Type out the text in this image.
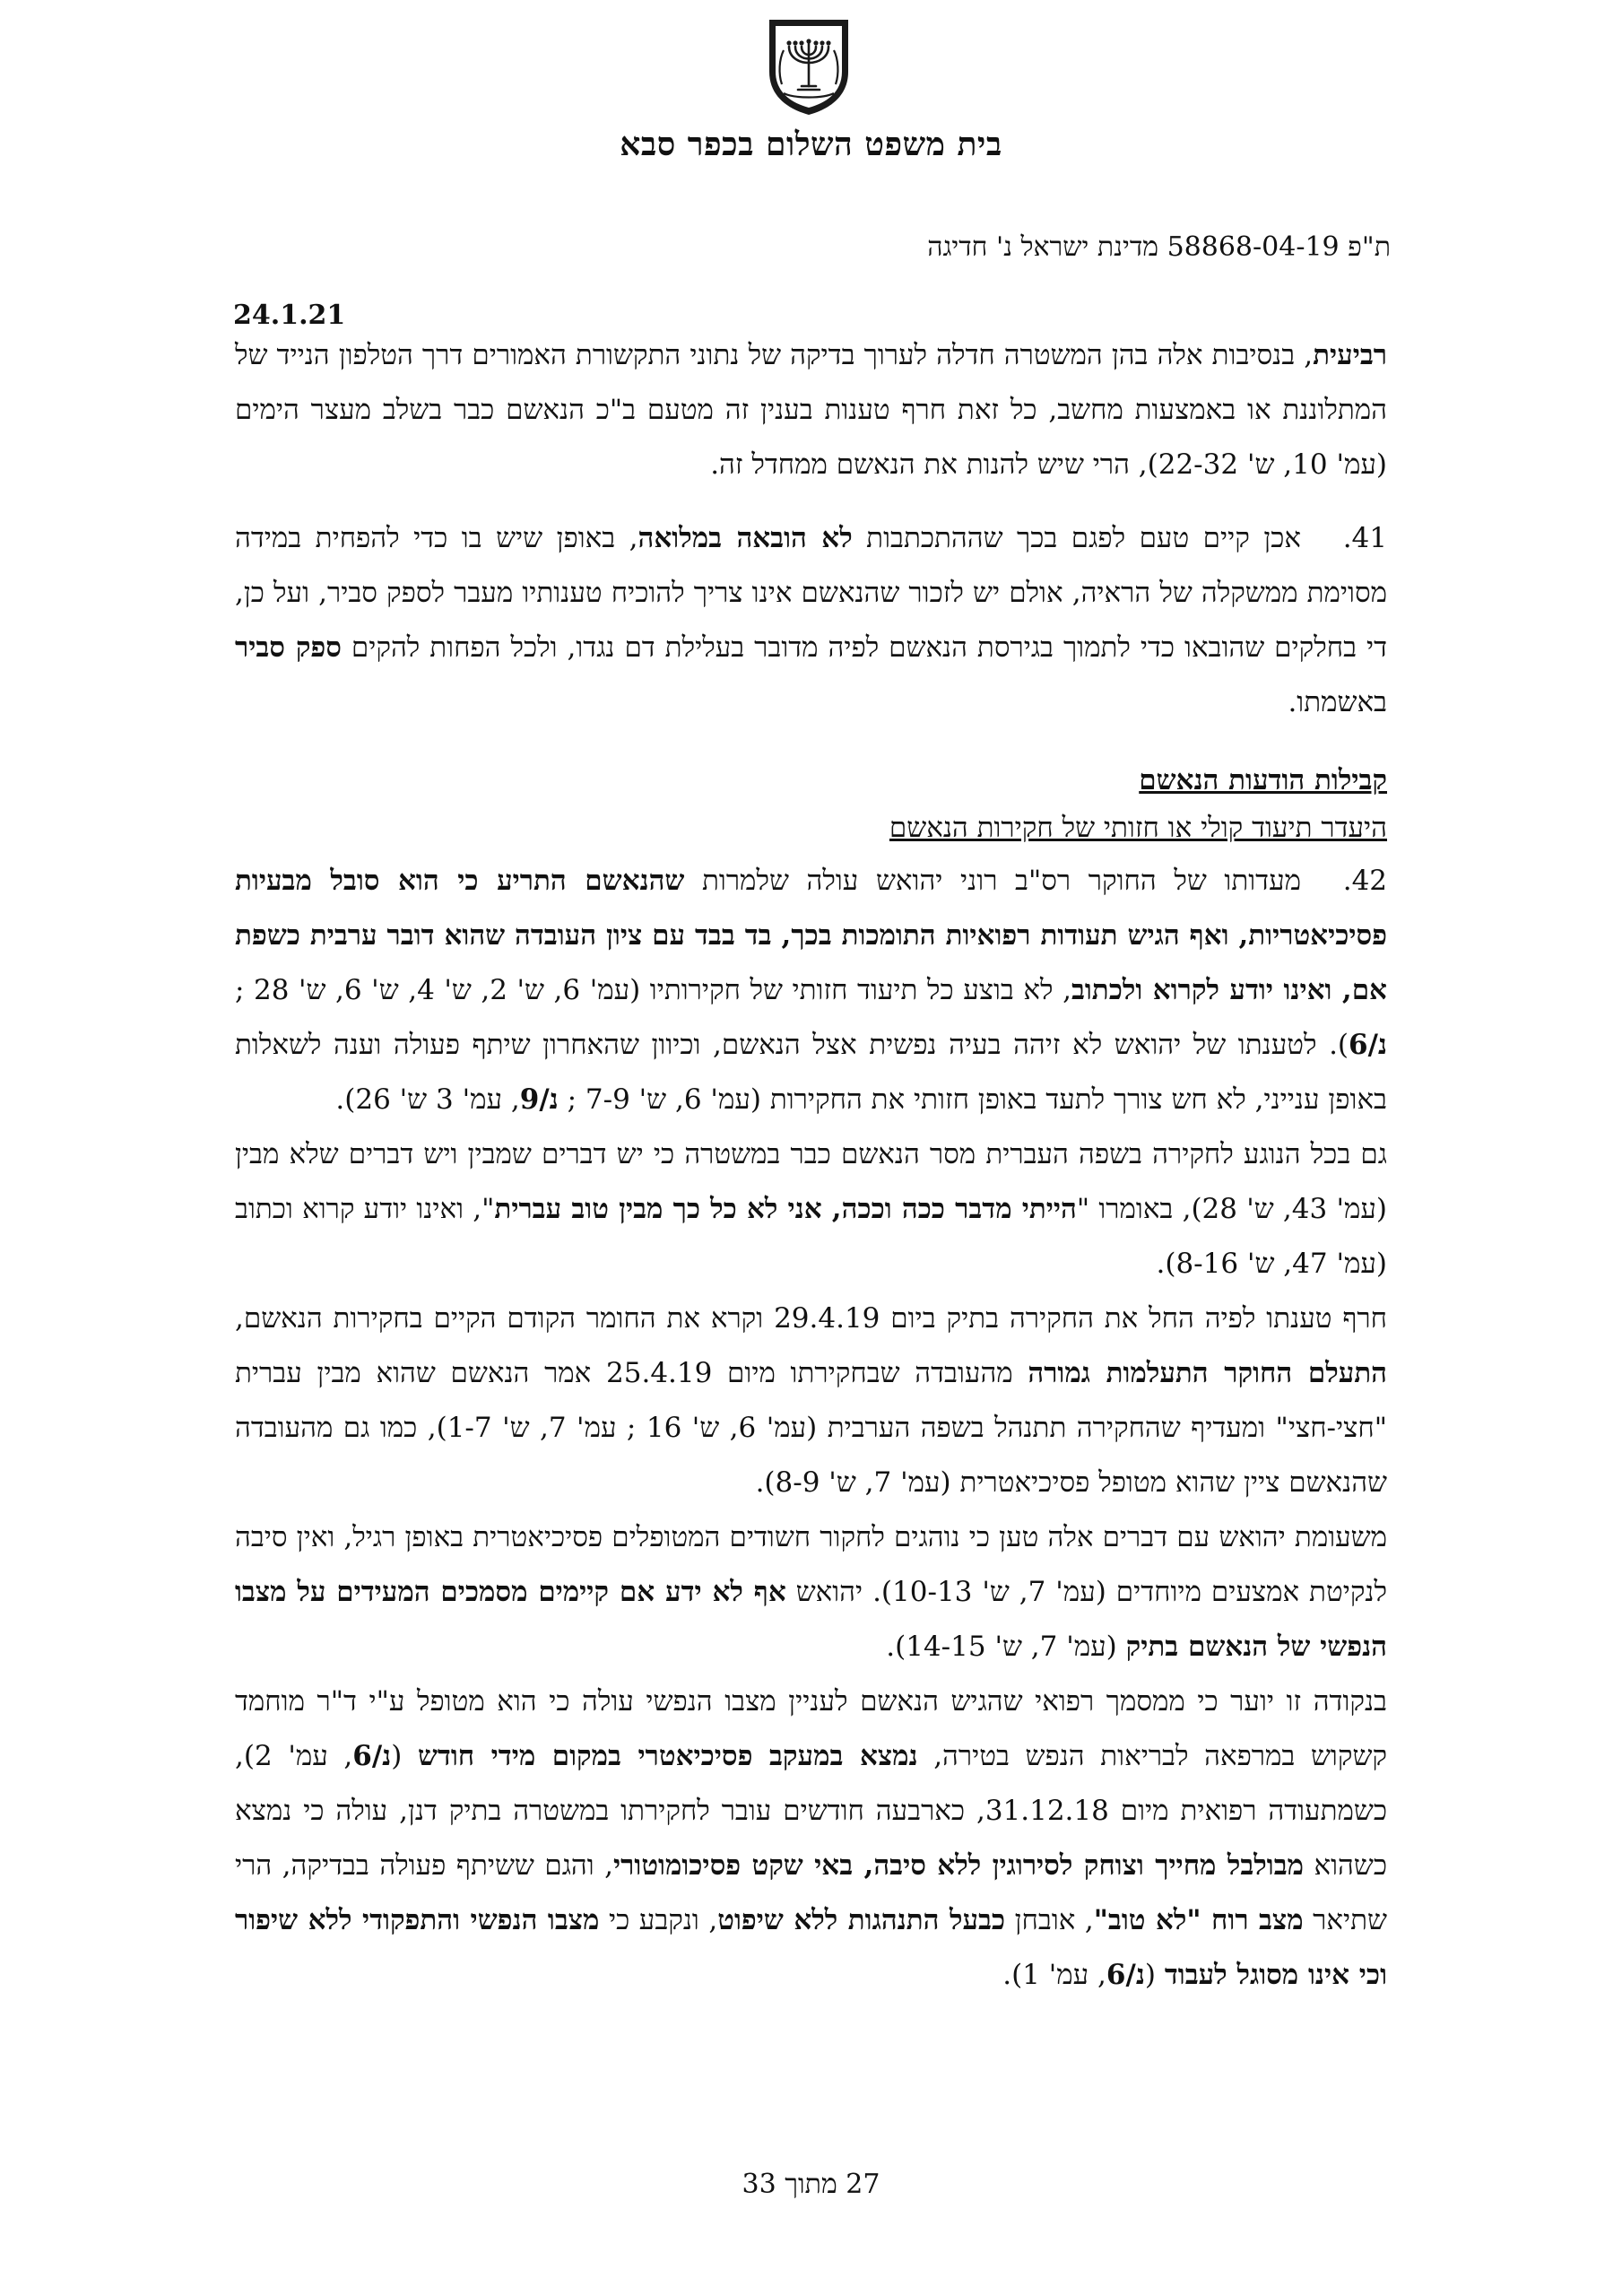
בית משפט השלום בכפר סבא
ת"פ 58868-04-19 מדינת ישראל נ' חדיגה
24.1.21

רביעית, בנסיבות אלה בהן המשטרה חדלה לערוך בדיקה של נתוני התקשורת האמורים דרך הטלפון הנייד של המתלוננת או באמצעות מחשב, כל זאת חרף טענות בענין זה מטעם ב"כ הנאשם כבר בשלב מעצר הימים (עמ' 10, ש' 22-32), הרי שיש להנות את הנאשם ממחדל זה.

41.אכן קיים טעם לפגם בכך שההתכתבות לא הובאה במלואה, באופן שיש בו כדי להפחית במידה מסוימת ממשקלה של הראיה, אולם יש לזכור שהנאשם אינו צריך להוכיח טענותיו מעבר לספק סביר, ועל כן, די בחלקים שהובאו כדי לתמוך בגירסת הנאשם לפיה מדובר בעלילת דם נגדו, ולכל הפחות להקים ספק סביר באשמתו.

קבילות הודעות הנאשם
היעדר תיעוד קולי או חזותי של חקירות הנאשם

42.מעדותו של החוקר רס"ב רוני יהואש עולה שלמרות שהנאשם התריע כי הוא סובל מבעיות פסיכיאטריות, ואף הגיש תעודות רפואיות התומכות בכך, בד בבד עם ציון העובדה שהוא דובר ערבית כשפת אם, ואינו יודע לקרוא ולכתוב, לא בוצע כל תיעוד חזותי של חקירותיו (עמ' 6, ש' 2, ש' 4, ש' 6, ש' 28 ; נ/6). לטענתו של יהואש לא זיהה בעיה נפשית אצל הנאשם, וכיוון שהאחרון שיתף פעולה וענה לשאלות באופן ענייני, לא חש צורך לתעד באופן חזותי את החקירות (עמ' 6, ש' 7-9 ; נ/9, עמ' 3 ש' 26).

גם בכל הנוגע לחקירה בשפה העברית מסר הנאשם כבר במשטרה כי יש דברים שמבין ויש דברים שלא מבין (עמ' 43, ש' 28), באומרו "הייתי מדבר ככה וככה, אני לא כל כך מבין טוב עברית", ואינו יודע קרוא וכתוב (עמ' 47, ש' 8-16).

חרף טענתו לפיה החל את החקירה בתיק ביום 29.4.19 וקרא את החומר הקודם הקיים בחקירות הנאשם, התעלם החוקר התעלמות גמורה מהעובדה שבחקירתו מיום 25.4.19 אמר הנאשם שהוא מבין עברית "חצי-חצי" ומעדיף שהחקירה תתנהל בשפה הערבית (עמ' 6, ש' 16 ; עמ' 7, ש' 1-7), כמו גם מהעובדה שהנאשם ציין שהוא מטופל פסיכיאטרית (עמ' 7, ש' 8-9).

משעומת יהואש עם דברים אלה טען כי נוהגים לחקור חשודים המטופלים פסיכיאטרית באופן רגיל, ואין סיבה לנקיטת אמצעים מיוחדים (עמ' 7, ש' 10-13). יהואש אף לא ידע אם קיימים מסמכים המעידים על מצבו הנפשי של הנאשם בתיק (עמ' 7, ש' 14-15).

בנקודה זו יוער כי ממסמך רפואי שהגיש הנאשם לעניין מצבו הנפשי עולה כי הוא מטופל ע"י ד"ר מוחמד קשקוש במרפאה לבריאות הנפש בטירה, נמצא במעקב פסיכיאטרי במקום מידי חודש (נ/6, עמ' 2), כשמתעודה רפואית מיום 31.12.18, כארבעה חודשים עובר לחקירתו במשטרה בתיק דנן, עולה כי נמצא כשהוא מבולבל מחייך וצוחק לסירוגין ללא סיבה, באי שקט פסיכומוטורי, והגם ששיתף פעולה בבדיקה, הרי שתיאר מצב רוח "לא טוב", אובחן כבעל התנהגות ללא שיפוט, ונקבע כי מצבו הנפשי והתפקודי ללא שיפור וכי אינו מסוגל לעבוד (נ/6, עמ' 1).

27 מתוך 33
